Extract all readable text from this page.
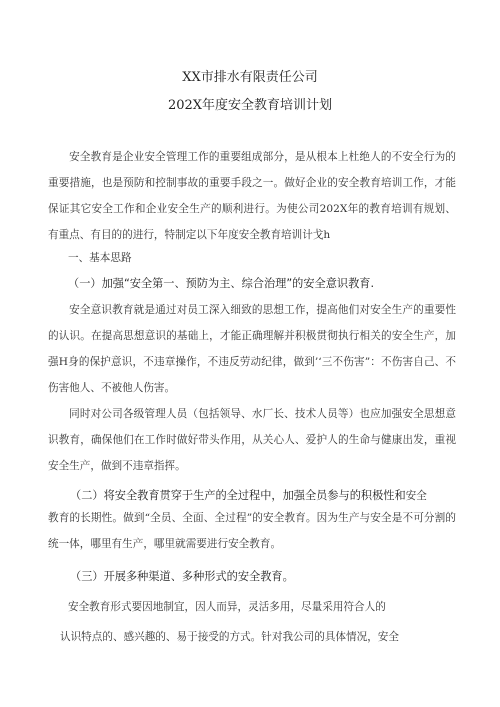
XX市排水有限责任公司
202X年度安全教育培训计划

安全教育是企业安全管理工作的重要组成部分，是从根本上杜绝人的不安全行为的重要措施，也是预防和控制事故的重要手段之一。做好企业的安全教育培训工作，才能保证其它安全工作和企业安全生产的顺利进行。为使公司202X年的教育培训有规划、有重点、有目的的进行，特制定以下年度安全教育培训计戈h

一、基本思路
（一）加强“安全第一、预防为主、综合治理”的安全意识教育.

安全意识教育就是通过对员工深入细致的思想工作，提高他们对安全生产的重要性的认识。在提高思想意识的基础上，才能正确理解并积极贯彻执行相关的安全生产，加强H身的保护意识，不违章操作，不违反劳动纪律，做到’‘三不伤害”：不伤害自己、不伤害他人、不被他人伤害。

同时对公司各级管理人员（包括领导、水厂长、技术人员等）也应加强安全思想意识教育，确保他们在工作时做好带头作用，从关心人、爱护人的生命与健康出发，重视安全生产，做到不违章指挥。

（二）将安全教育贯穿于生产的全过程中，加强全员参与的积极性和安全

教育的长期性。做到“全员、全面、全过程”的安全教育。因为生产与安全是不可分割的统一体，哪里有生产，哪里就需要进行安全教育。

（三）开展多种渠道、多种形式的安全教育。
安全教育形式要因地制宜，因人而异，灵活多用，尽量采用符合人的
认识特点的、感兴趣的、易于接受的方式。针对我公司的具体情况，安全
